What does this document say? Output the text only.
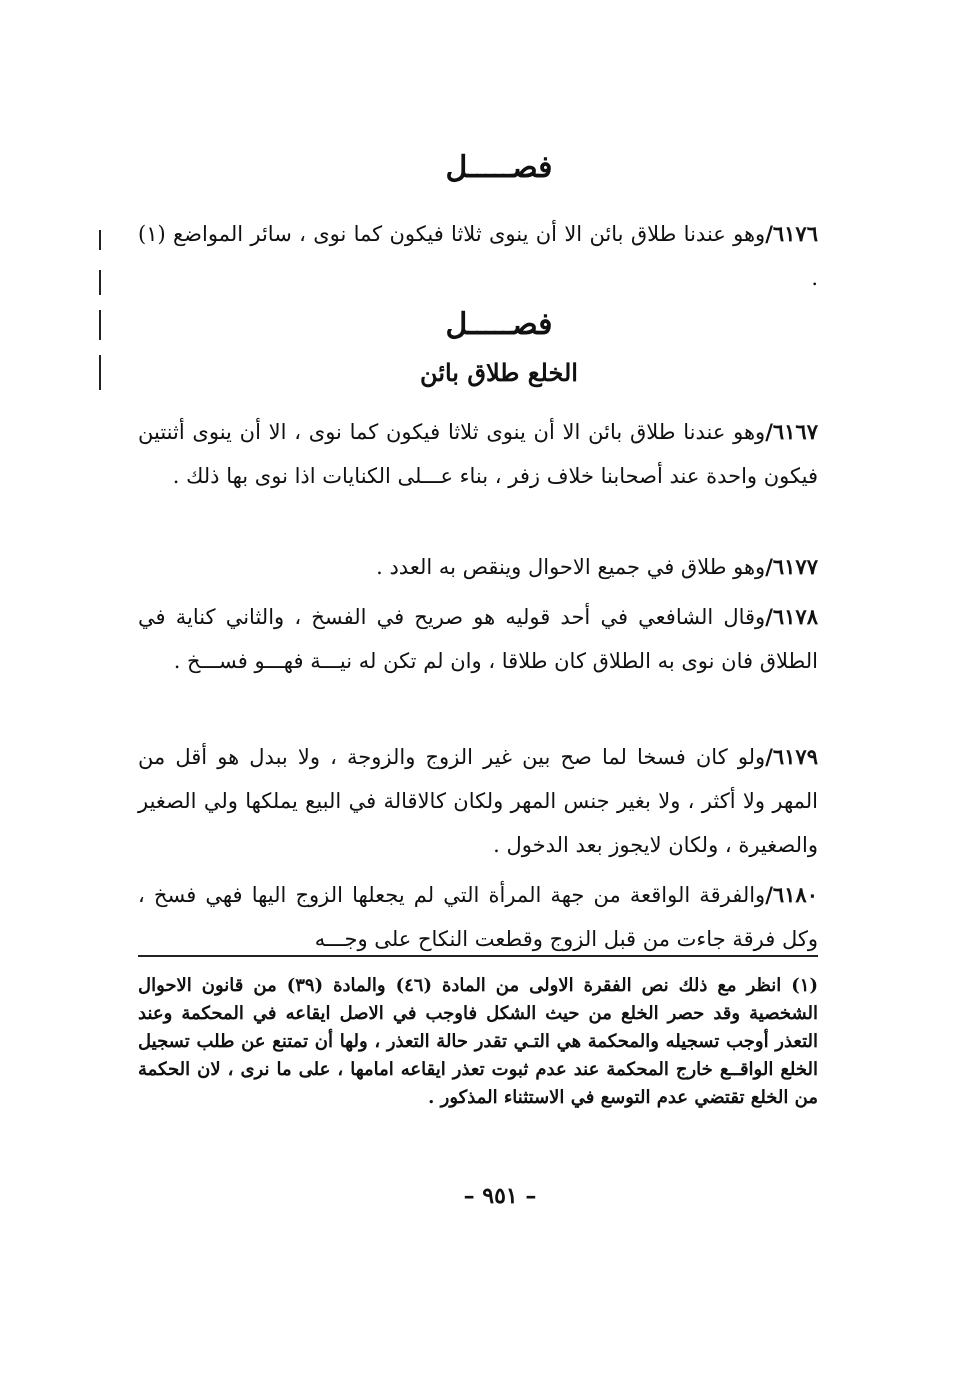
فصـــــل
٦١٧٦/وهو عندنا طلاق بائن الا أن ينوى ثلاثا فيكون كما نوى ، سائر المواضع (١) .
فصـــــل
الخلع طلاق بائن
٦١٦٧/وهو عندنا طلاق بائن الا أن ينوى ثلاثا فيكون كما نوى ، الا أن ينوى أثنتين فيكون واحدة عند أصحابنا خلاف زفر ، بناء عـــلى الكنايات اذا نوى بها ذلك .
٦١٧٧/وهو طلاق في جميع الاحوال وينقص به العدد .
٦١٧٨/وقال الشافعي في أحد قوليه هو صريح في الفسخ ، والثاني كناية في الطلاق فان نوى به الطلاق كان طلاقا ، وان لم تكن له نيـــة فهـــو فســـخ .
٦١٧٩/ولو كان فسخا لما صح بين غير الزوج والزوجة ، ولا ببدل هو أقل من المهر ولا أكثر ، ولا بغير جنس المهر ولكان كالاقالة في البيع يملكها ولي الصغير والصغيرة ، ولكان لايجوز بعد الدخول .
٦١٨٠/والفرقة الواقعة من جهة المرأة التي لم يجعلها الزوج اليها فهي فسخ ، وكل فرقة جاءت من قبل الزوج وقطعت النكاح على وجـــه
(١) انظر مع ذلك نص الفقرة الاولى من المادة (٤٦) والمادة (٣٩) من قانون الاحوال الشخصية وقد حصر الخلع من حيث الشكل فاوجب في الاصل ايقاعه في المحكمة وعند التعذر أوجب تسجيله والمحكمة هي التـي تقدر حالة التعذر ، ولها أن تمتنع عن طلب تسجيل الخلع الواقــع خارج المحكمة عند عدم ثبوت تعذر ايقاعه امامها ، على ما نرى ، لان الحكمة من الخلع تقتضي عدم التوسع في الاستثناء المذكور .
– ٩٥١ –
